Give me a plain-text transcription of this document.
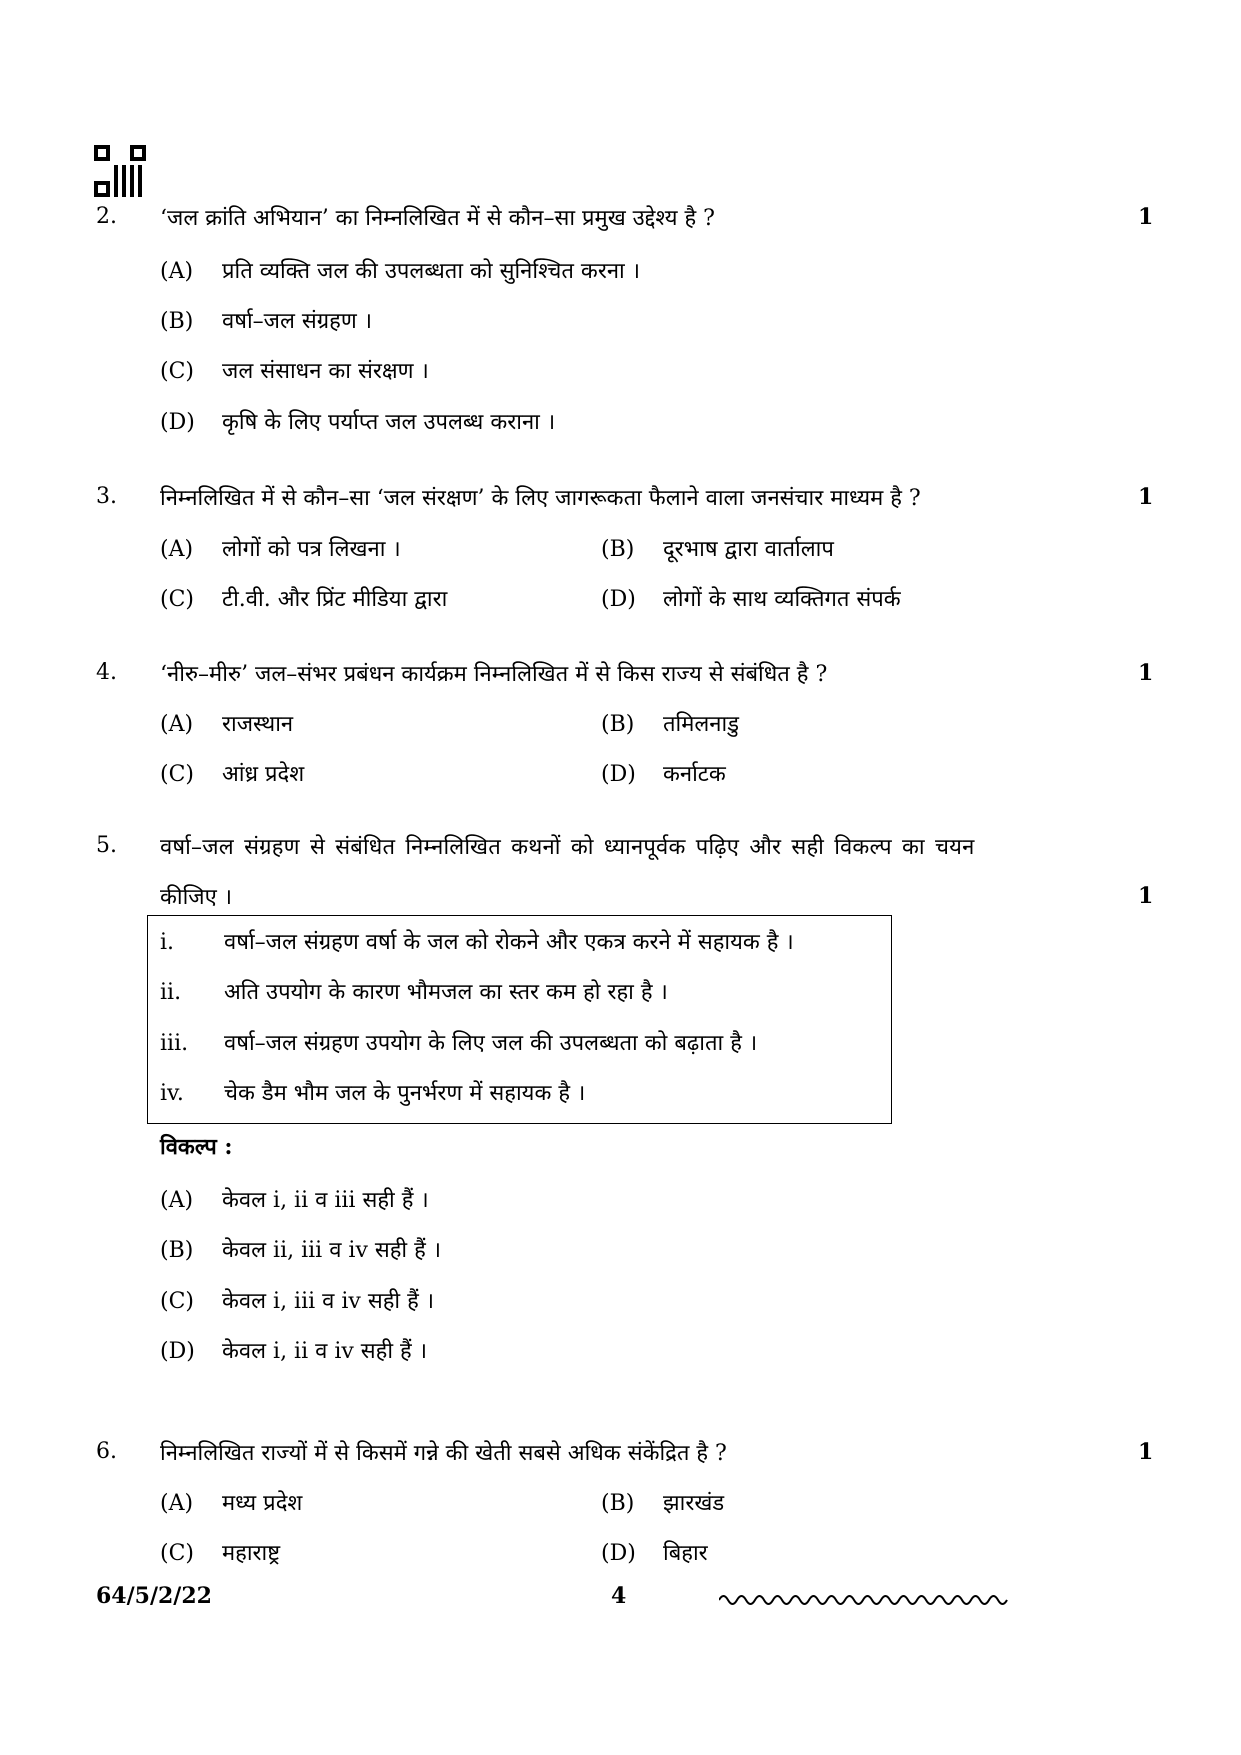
2. ‘जल क्रांति अभियान’ का निम्नलिखित में से कौन–सा प्रमुख उद्देश्य है ?	1
(A) प्रति व्यक्ति जल की उपलब्धता को सुनिश्चित करना ।
(B) वर्षा–जल संग्रहण ।
(C) जल संसाधन का संरक्षण ।
(D) कृषि के लिए पर्याप्त जल उपलब्ध कराना ।
3. निम्नलिखित में से कौन–सा ‘जल संरक्षण’ के लिए जागरूकता फैलाने वाला जनसंचार माध्यम है ?	1
(A) लोगों को पत्र लिखना ।	(B) दूरभाष द्वारा वार्तालाप
(C) टी.वी. और प्रिंट मीडिया द्वारा	(D) लोगों के साथ व्यक्तिगत संपर्क
4. ‘नीरु–मीरु’ जल–संभर प्रबंधन कार्यक्रम निम्नलिखित में से किस राज्य से संबंधित है ?	1
(A) राजस्थान	(B) तमिलनाडु
(C) आंध्र प्रदेश	(D) कर्नाटक
5. वर्षा–जल संग्रहण से संबंधित निम्नलिखित कथनों को ध्यानपूर्वक पढ़िए और सही विकल्प का चयन
कीजिए ।	1
i. वर्षा–जल संग्रहण वर्षा के जल को रोकने और एकत्र करने में सहायक है ।
ii. अति उपयोग के कारण भौमजल का स्तर कम हो रहा है ।
iii. वर्षा–जल संग्रहण उपयोग के लिए जल की उपलब्धता को बढ़ाता है ।
iv. चेक डैम भौम जल के पुनर्भरण में सहायक है ।
विकल्प :
(A) केवल i, ii व iii सही हैं ।
(B) केवल ii, iii व iv सही हैं ।
(C) केवल i, iii व iv सही हैं ।
(D) केवल i, ii व iv सही हैं ।
6. निम्नलिखित राज्यों में से किसमें गन्ने की खेती सबसे अधिक संकेंद्रित है ?	1
(A) मध्य प्रदेश	(B) झारखंड
(C) महाराष्ट्र	(D) बिहार
64/5/2/22	4
